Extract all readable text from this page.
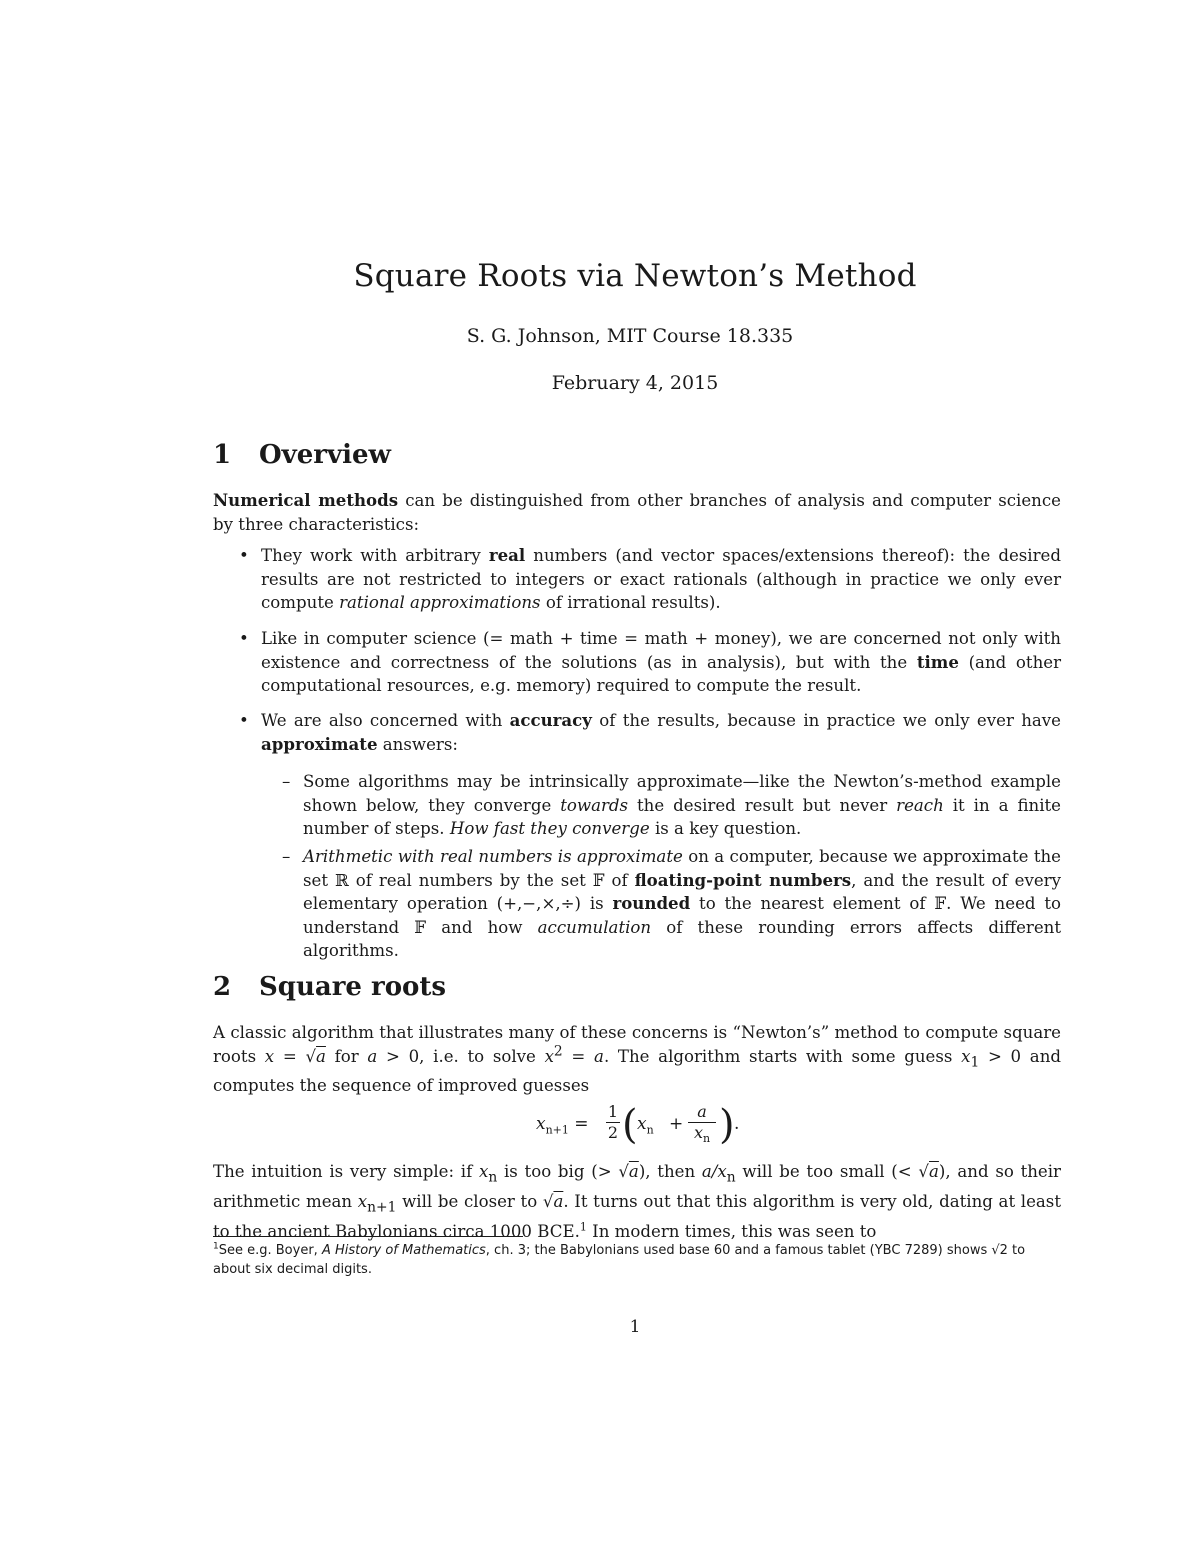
Square Roots via Newton’s Method
S. G. Johnson, MIT Course 18.335
February 4, 2015
1 Overview
Numerical methods can be distinguished from other branches of analysis and computer science by three characteristics:
• They work with arbitrary real numbers (and vector spaces/extensions thereof): the desired results are not restricted to integers or exact rationals (although in practice we only ever compute rational approximations of irrational results).
• Like in computer science (= math + time = math + money), we are concerned not only with existence and correctness of the solutions (as in analysis), but with the time (and other computational resources, e.g. memory) required to compute the result.
• We are also concerned with accuracy of the results, because in practice we only ever have approximate answers:
– Some algorithms may be intrinsically approximate—like the Newton’s-method example shown below, they converge towards the desired result but never reach it in a finite number of steps. How fast they converge is a key question.
– Arithmetic with real numbers is approximate on a computer, because we approximate the set ℝ of real numbers by the set 𝔽 of floating-point numbers, and the result of every elementary operation (+,−,×,÷) is rounded to the nearest element of 𝔽. We need to understand 𝔽 and how accumulation of these rounding errors affects different algorithms.
2 Square roots
A classic algorithm that illustrates many of these concerns is “Newton’s” method to compute square roots x = √a for a > 0, i.e. to solve $x^2 = a$. The algorithm starts with some guess $x_1 > 0$ and computes the sequence of improved guesses
$x_{n+1}$ =
1
2 ( $x_n$ +
a
$x_n$ ) .
The intuition is very simple: if $x_n$ is too big (> √a), then $a/x_n$ will be too small (< √a), and so their arithmetic mean $x_{n+1}$ will be closer to √a. It turns out that this algorithm is very old, dating at least to the ancient Babylonians circa 1000 BCE.$^1$ In modern times, this was seen to
$^1$See e.g. Boyer, A History of Mathematics, ch. 3; the Babylonians used base 60 and a famous tablet (YBC 7289) shows √2 to about six decimal digits.
1
